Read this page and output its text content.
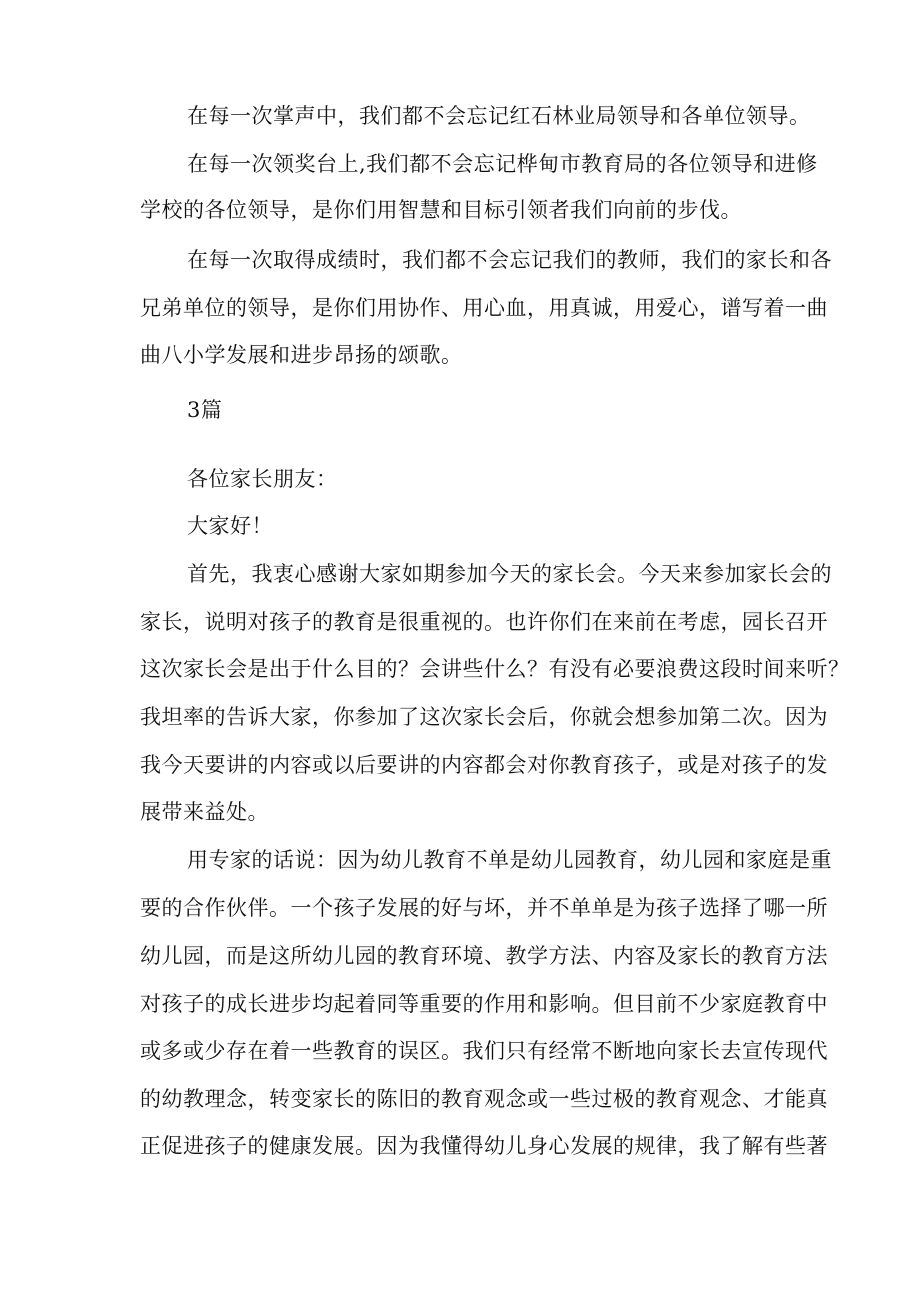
在每一次掌声中，我们都不会忘记红石林业局领导和各单位领导。
在每一次领奖台上,我们都不会忘记桦甸市教育局的各位领导和进修
学校的各位领导，是你们用智慧和目标引领者我们向前的步伐。
在每一次取得成绩时，我们都不会忘记我们的教师，我们的家长和各
兄弟单位的领导，是你们用协作、用心血，用真诚，用爱心，谱写着一曲
曲八小学发展和进步昂扬的颂歌。
3篇
各位家长朋友：
大家好！
首先，我衷心感谢大家如期参加今天的家长会。今天来参加家长会的
家长，说明对孩子的教育是很重视的。也许你们在来前在考虑，园长召开
这次家长会是出于什么目的？会讲些什么？有没有必要浪费这段时间来听？
我坦率的告诉大家，你参加了这次家长会后，你就会想参加第二次。因为
我今天要讲的内容或以后要讲的内容都会对你教育孩子，或是对孩子的发
展带来益处。
用专家的话说：因为幼儿教育不单是幼儿园教育，幼儿园和家庭是重
要的合作伙伴。一个孩子发展的好与坏，并不单单是为孩子选择了哪一所
幼儿园，而是这所幼儿园的教育环境、教学方法、内容及家长的教育方法
对孩子的成长进步均起着同等重要的作用和影响。但目前不少家庭教育中
或多或少存在着一些教育的误区。我们只有经常不断地向家长去宣传现代
的幼教理念，转变家长的陈旧的教育观念或一些过极的教育观念、才能真
正促进孩子的健康发展。因为我懂得幼儿身心发展的规律，我了解有些著
